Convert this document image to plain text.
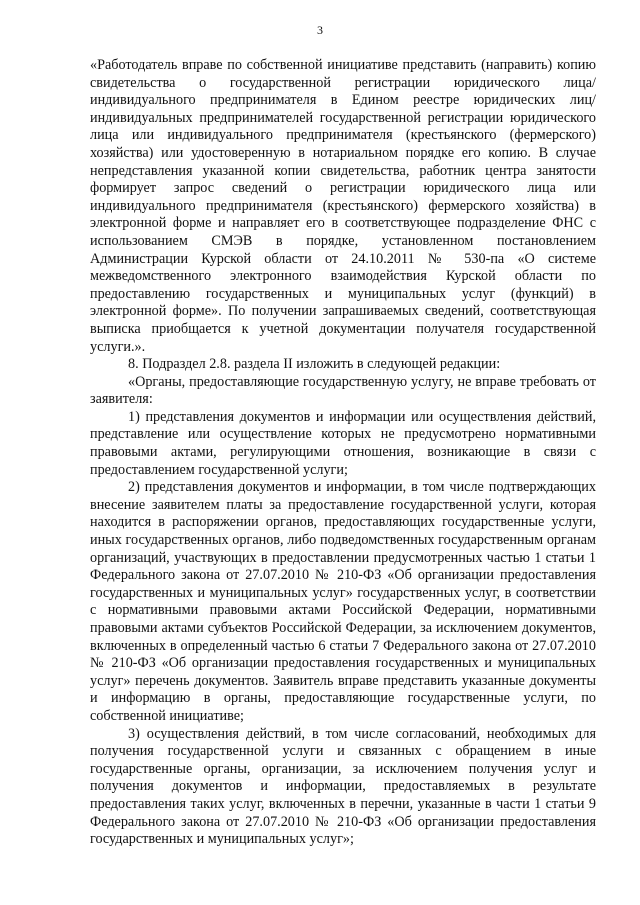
3

«Работодатель вправе по собственной инициативе представить (направить) копию свидетельства о государственной регистрации юридического лица/индивидуального предпринимателя в Едином реестре юридических лиц/индивидуальных предпринимателей государственной регистрации юридического лица или индивидуального предпринимателя (крестьянского (фермерского) хозяйства) или удостоверенную в нотариальном порядке его копию. В случае непредставления указанной копии свидетельства, работник центра занятости формирует запрос сведений о регистрации юридического лица или индивидуального предпринимателя (крестьянского) фермерского хозяйства) в электронной форме и направляет его в соответствующее подразделение ФНС с использованием СМЭВ в порядке, установленном постановлением Администрации Курской области от 24.10.2011 № 530-па «О системе межведомственного электронного взаимодействия Курской области по предоставлению государственных и муниципальных услуг (функций) в электронной форме». По получении запрашиваемых сведений, соответствующая выписка приобщается к учетной документации получателя государственной услуги.».

8. Подраздел 2.8. раздела II изложить в следующей редакции:

«Органы, предоставляющие государственную услугу, не вправе требовать от заявителя:

1) представления документов и информации или осуществления действий, представление или осуществление которых не предусмотрено нормативными правовыми актами, регулирующими отношения, возникающие в связи с предоставлением государственной услуги;

2) представления документов и информации, в том числе подтверждающих внесение заявителем платы за предоставление государственной услуги, которая находится в распоряжении органов, предоставляющих государственные услуги, иных государственных органов, либо подведомственных государственным органам организаций, участвующих в предоставлении предусмотренных частью 1 статьи 1 Федерального закона от 27.07.2010 № 210-ФЗ «Об организации предоставления государственных и муниципальных услуг» государственных услуг, в соответствии с нормативными правовыми актами Российской Федерации, нормативными правовыми актами субъектов Российской Федерации, за исключением документов, включенных в определенный частью 6 статьи 7 Федерального закона от 27.07.2010 № 210-ФЗ «Об организации предоставления государственных и муниципальных услуг» перечень документов. Заявитель вправе представить указанные документы и информацию в органы, предоставляющие государственные услуги, по собственной инициативе;

3) осуществления действий, в том числе согласований, необходимых для получения государственной услуги и связанных с обращением в иные государственные органы, организации, за исключением получения услуг и получения документов и информации, предоставляемых в результате предоставления таких услуг, включенных в перечни, указанные в части 1 статьи 9 Федерального закона от 27.07.2010 № 210-ФЗ «Об организации предоставления государственных и муниципальных услуг»;
